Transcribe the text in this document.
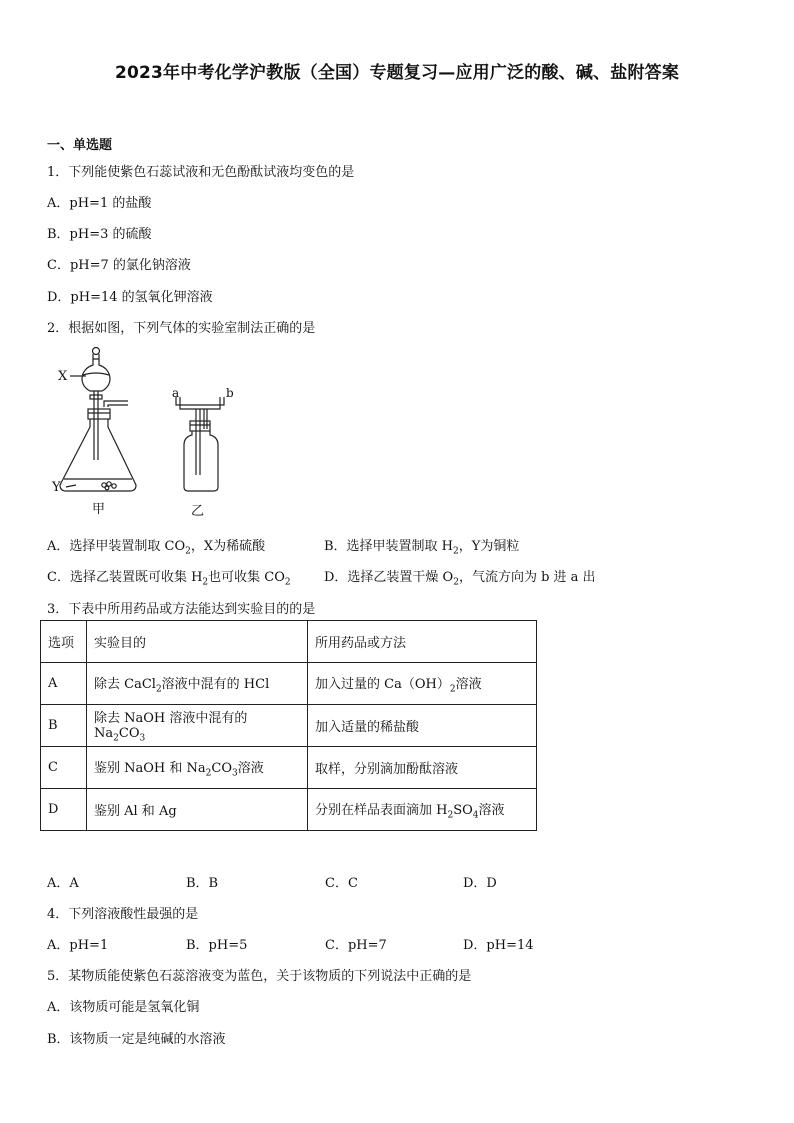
2023年中考化学沪教版（全国）专题复习—应用广泛的酸、碱、盐附答案
一、单选题
1．下列能使紫色石蕊试液和无色酚酞试液均变色的是
A．pH=1 的盐酸
B．pH=3 的硫酸
C．pH=7 的氯化钠溶液
D．pH=14 的氢氧化钾溶液
2．根据如图，下列气体的实验室制法正确的是
X
Y
a	b
甲	乙
A．选择甲装置制取 $CO_2$，X为稀硫酸	B．选择甲装置制取 $H_2$，Y为铜粒
C．选择乙装置既可收集 $H_2$也可收集 $CO_2$	D．选择乙装置干燥 $O_2$，气流方向为 b 进 a 出
3．下表中所用药品或方法能达到实验目的的是
选项	实验目的	所用药品或方法
A	除去 CaCl$_2$溶液中混有的 HCl	加入过量的 $Ca(OH)_2$溶液
B	除去 NaOH 溶液中混有的 $Na_2CO_3$	加入适量的稀盐酸
C	鉴别 NaOH 和 $Na_2CO_3$溶液	取样，分别滴加酚酞溶液
D	鉴别 Al 和 Ag	分别在样品表面滴加 $H_2SO_4$溶液
A．A	B．B	C．C	D．D
4．下列溶液酸性最强的是
A．pH=1	B．pH=5	C．pH=7	D．pH=14
5．某物质能使紫色石蕊溶液变为蓝色，关于该物质的下列说法中正确的是
A．该物质可能是氢氧化铜
B．该物质一定是纯碱的水溶液
